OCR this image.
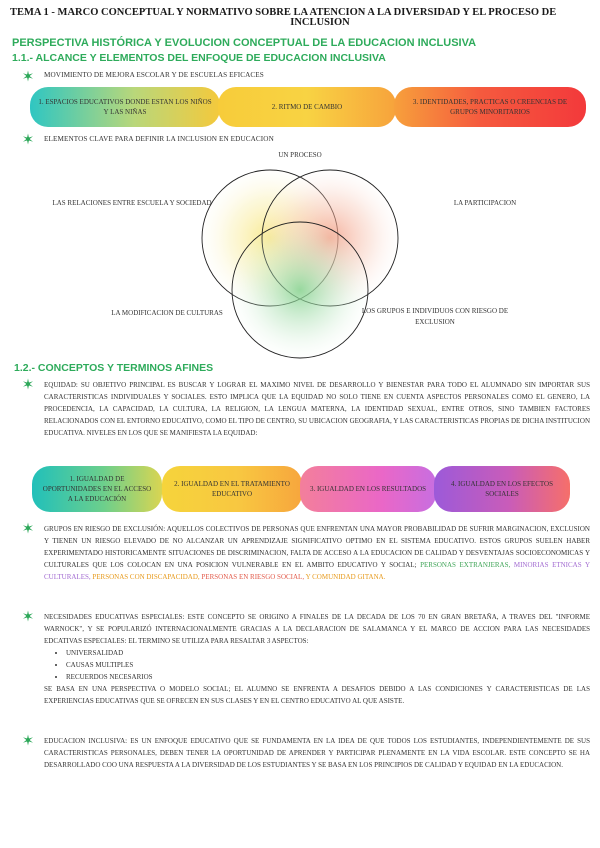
TEMA 1 - MARCO CONCEPTUAL Y NORMATIVO SOBRE LA ATENCION A LA DIVERSIDAD Y EL PROCESO DE
INCLUSION
PERSPECTIVA HISTÓRICA Y EVOLUCION CONCEPTUAL DE LA EDUCACION INCLUSIVA
1.1.- ALCANCE Y ELEMENTOS DEL ENFOQUE DE EDUCACION INCLUSIVA
MOVIMIENTO DE MEJORA ESCOLAR Y DE ESCUELAS EFICACES
1. ESPACIOS EDUCATIVOS DONDE ESTAN LOS NIÑOS Y LAS NIÑAS
2. RITMO DE CAMBIO
3. IDENTIDADES, PRACTICAS O CREENCIAS DE GRUPOS MINORITARIOS
ELEMENTOS CLAVE PARA DEFINIR LA INCLUSION EN EDUCACION
UN PROCESO
LAS RELACIONES ENTRE ESCUELA Y SOCIEDAD	LA PARTICIPACION
LA MODIFICACION DE CULTURAS	LOS GRUPOS E INDIVIDUOS CON RIESGO DE EXCLUSION
1.2.- CONCEPTOS Y TERMINOS AFINES
EQUIDAD: SU OBJETIVO PRINCIPAL ES BUSCAR Y LOGRAR EL MAXIMO NIVEL DE DESARROLLO Y BIENESTAR PARA TODO EL ALUMNADO SIN IMPORTAR SUS CARACTERISTICAS INDIVIDUALES Y SOCIALES. ESTO IMPLICA QUE LA EQUIDAD NO SOLO TIENE EN CUENTA ASPECTOS PERSONALES COMO EL GENERO, LA PROCEDENCIA, LA CAPACIDAD, LA CULTURA, LA RELIGION, LA LENGUA MATERNA, LA IDENTIDAD SEXUAL, ENTRE OTROS, SINO TAMBIEN FACTORES RELACIONADOS CON EL ENTORNO EDUCATIVO, COMO EL TIPO DE CENTRO, SU UBICACION GEOGRAFIA, Y LAS CARACTERISTICAS PROPIAS DE DICHA INSTITUCION EDUCATIVA. NIVELES EN LOS QUE SE MANIFIESTA LA EQUIDAD:
1. IGUALDAD DE OPORTUNIDADES EN EL ACCESO A LA EDUCACIÓN
2. IGUALDAD EN EL TRATAMIENTO EDUCATIVO
3. IGUALDAD EN LOS RESULTADOS
4. IGUALDAD EN LOS EFECTOS SOCIALES
GRUPOS EN RIESGO DE EXCLUSIÓN: AQUELLOS COLECTIVOS DE PERSONAS QUE ENFRENTAN UNA MAYOR PROBABILIDAD DE SUFRIR MARGINACION, EXCLUSION Y TIENEN UN RIESGO ELEVADO DE NO ALCANZAR UN APRENDIZAJE SIGNIFICATIVO OPTIMO EN EL SISTEMA EDUCATIVO. ESTOS GRUPOS SUELEN HABER EXPERIMENTADO HISTORICAMENTE SITUACIONES DE DISCRIMINACION, FALTA DE ACCESO A LA EDUCACION DE CALIDAD Y DESVENTAJAS SOCIOECONOMICAS Y CULTURALES QUE LOS COLOCAN EN UNA POSICION VULNERABLE EN EL AMBITO EDUCATIVO Y SOCIAL; PERSONAS EXTRANJERAS, MINORIAS ETNICAS Y CULTURALES, PERSONAS CON DISCAPACIDAD, PERSONAS EN RIESGO SOCIAL, Y COMUNIDAD GITANA.
NECESIDADES EDUCATIVAS ESPECIALES: ESTE CONCEPTO SE ORIGINO A FINALES DE LA DECADA DE LOS 70 EN GRAN BRETAÑA, A TRAVES DEL "INFORME WARNOCK", Y SE POPULARIZÓ INTERNACIONALMENTE GRACIAS A LA DECLARACION DE SALAMANCA Y EL MARCO DE ACCION PARA LAS NECESIDADES EDCATIVAS ESPECIALES: EL TERMINO SE UTILIZA PARA RESALTAR 3 ASPECTOS:
• UNIVERSALIDAD
• CAUSAS MULTIPLES
• RECUERDOS NECESARIOS
SE BASA EN UNA PERSPECTIVA O MODELO SOCIAL; EL ALUMNO SE ENFRENTA A DESAFIOS DEBIDO A LAS CONDICIONES Y CARACTERISTICAS DE LAS EXPERIENCIAS EDUCATIVAS QUE SE OFRECEN EN SUS CLASES Y EN EL CENTRO EDUCATIVO AL QUE ASISTE.
EDUCACION INCLUSIVA: ES UN ENFOQUE EDUCATIVO QUE SE FUNDAMENTA EN LA IDEA DE QUE TODOS LOS ESTUDIANTES, INDEPENDIENTEMENTE DE SUS CARACTERISTICAS PERSONALES, DEBEN TENER LA OPORTUNIDAD DE APRENDER Y PARTICIPAR PLENAMENTE EN LA VIDA ESCOLAR. ESTE CONCEPTO SE HA DESARROLLADO COO UNA RESPUESTA A LA DIVERSIDAD DE LOS ESTUDIANTES Y SE BASA EN LOS PRINCIPIOS DE CALIDAD Y EQUIDAD EN LA EDUCACION.
